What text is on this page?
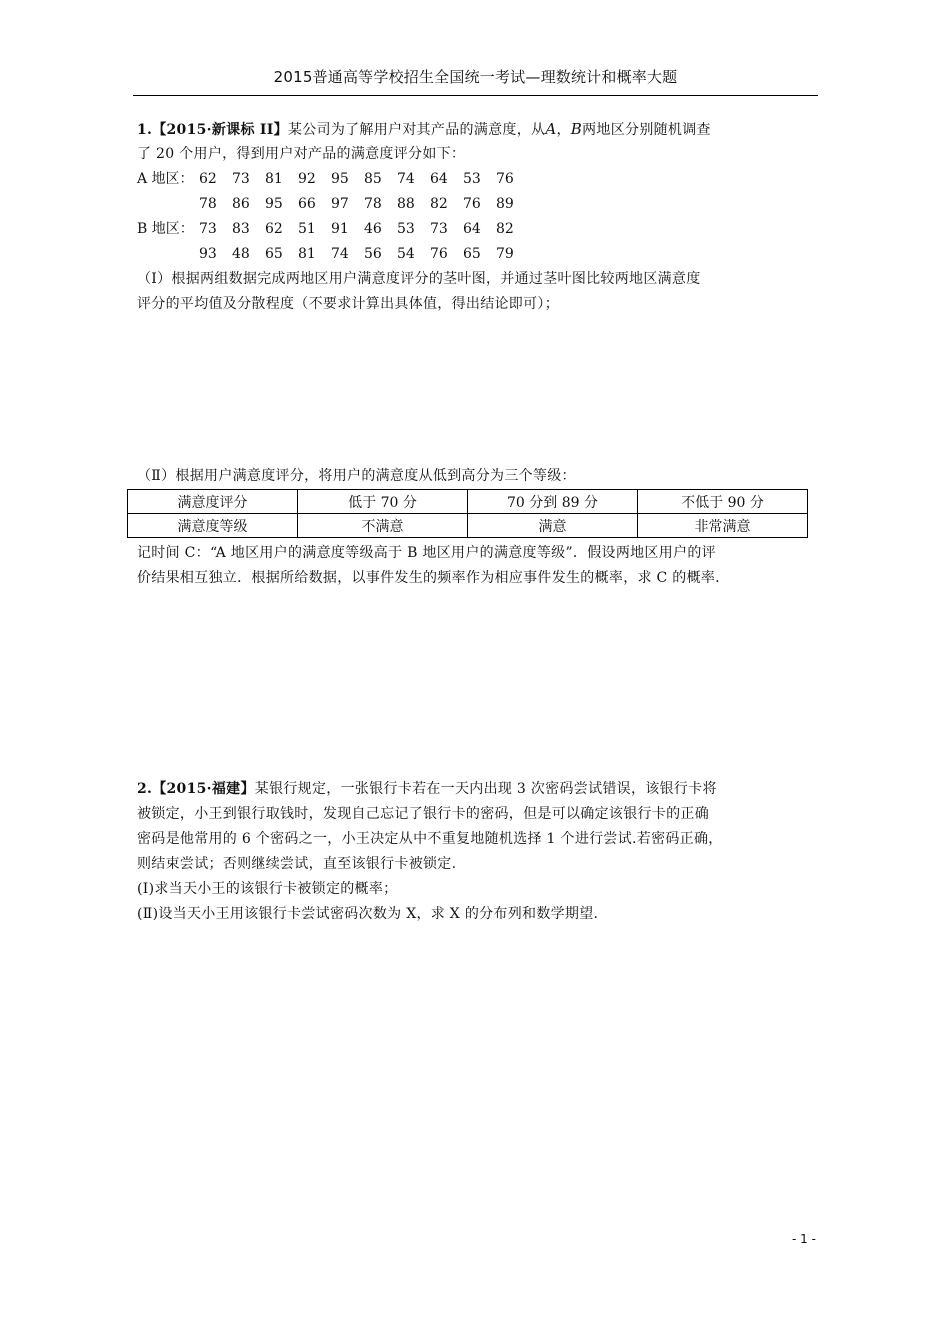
2015普通高等学校招生全国统一考试—理数统计和概率大题
1.【2015·新课标 II】某公司为了解用户对其产品的满意度，从A，B两地区分别随机调查
了 20 个用户，得到用户对产品的满意度评分如下：
A 地区： 62 73 81 92 95 85 74 64 53 76
78 86 95 66 97 78 88 82 76 89
B 地区： 73 83 62 51 91 46 53 73 64 82
93 48 65 81 74 56 54 76 65 79
（Ⅰ）根据两组数据完成两地区用户满意度评分的茎叶图，并通过茎叶图比较两地区满意度
评分的平均值及分散程度（不要求计算出具体值，得出结论即可）；
（Ⅱ）根据用户满意度评分，将用户的满意度从低到高分为三个等级：
满意度评分	低于 70 分	70 分到 89 分	不低于 90 分
满意度等级	不满意	满意	非常满意
记时间 C：“A 地区用户的满意度等级高于 B 地区用户的满意度等级”．假设两地区用户的评
价结果相互独立．根据所给数据，以事件发生的频率作为相应事件发生的概率，求 C 的概率．
2.【2015·福建】某银行规定，一张银行卡若在一天内出现 3 次密码尝试错误，该银行卡将
被锁定，小王到银行取钱时，发现自己忘记了银行卡的密码，但是可以确定该银行卡的正确
密码是他常用的 6 个密码之一，小王决定从中不重复地随机选择 1 个进行尝试.若密码正确，
则结束尝试；否则继续尝试，直至该银行卡被锁定.
(Ⅰ)求当天小王的该银行卡被锁定的概率；
(Ⅱ)设当天小王用该银行卡尝试密码次数为 X，求 X 的分布列和数学期望.
- 1 -
